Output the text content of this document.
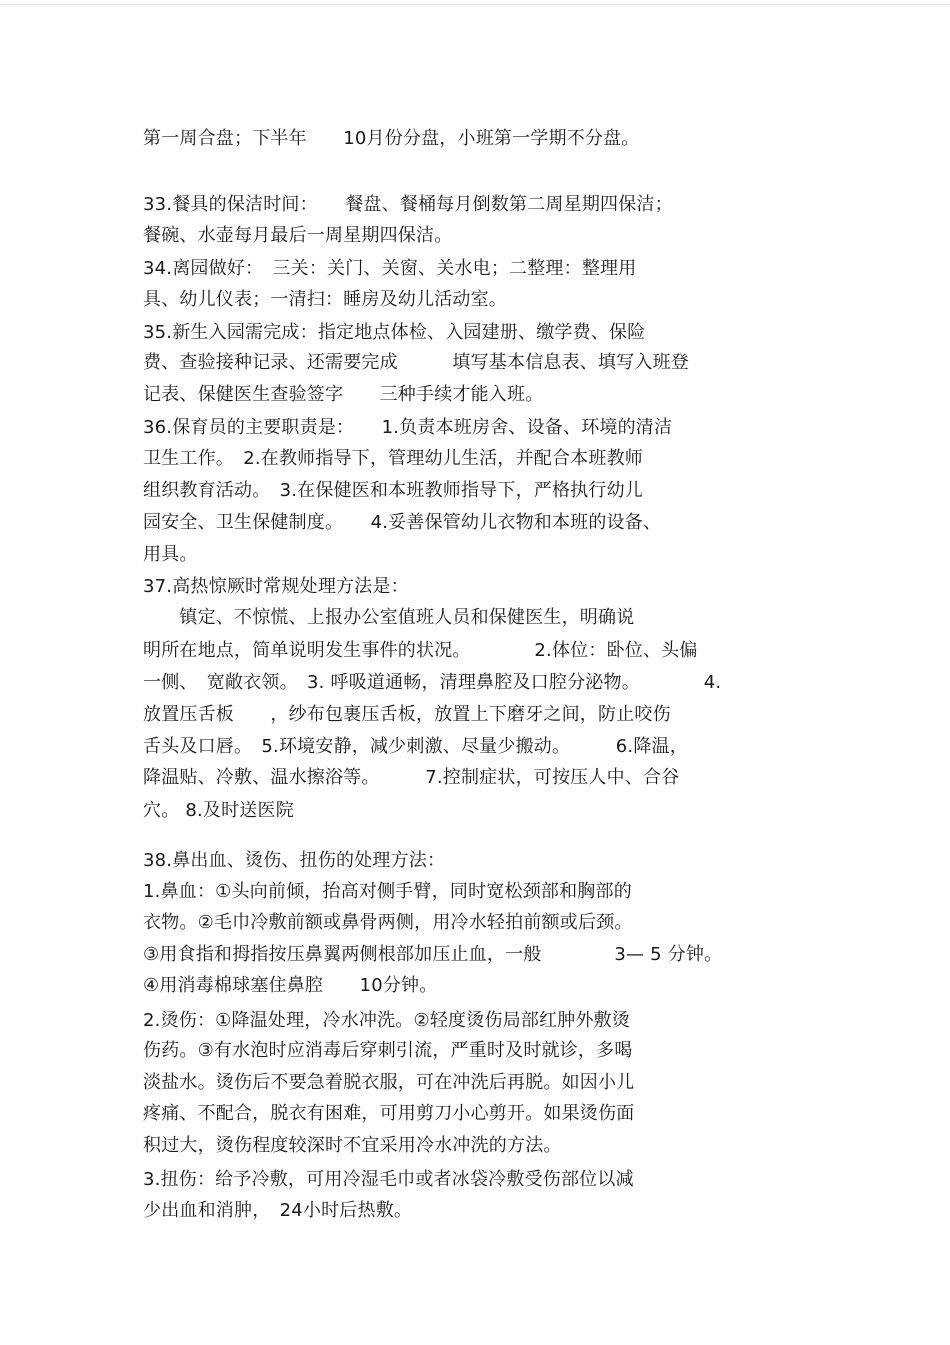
第一周合盘；下半年　　10月份分盘，小班第一学期不分盘。
33.餐具的保洁时间：　　餐盘、餐桶每月倒数第二周星期四保洁；
餐碗、水壶每月最后一周星期四保洁。
34.离园做好：　三关：关门、关窗、关水电；二整理：整理用
具、幼儿仪表；一清扫：睡房及幼儿活动室。
35.新生入园需完成：指定地点体检、入园建册、缴学费、保险
费、查验接种记录、还需要完成　　　填写基本信息表、填写入班登
记表、保健医生查验签字　　三种手续才能入班。
36.保育员的主要职责是：　　1.负责本班房舍、设备、环境的清洁
卫生工作。　2.在教师指导下，管理幼儿生活，并配合本班教师
组织教育活动。　3.在保健医和本班教师指导下，严格执行幼儿
园安全、卫生保健制度。　　4.妥善保管幼儿衣物和本班的设备、
用具。
37.高热惊厥时常规处理方法是：
　　镇定、不惊慌、上报办公室值班人员和保健医生，明确说
明所在地点，简单说明发生事件的状况。　　　　2.体位：卧位、头偏
一侧、　宽敞衣领。　3. 呼吸道通畅，清理鼻腔及口腔分泌物。　　　　4.
放置压舌板　　，纱布包裹压舌板，放置上下磨牙之间，防止咬伤
舌头及口唇。　5.环境安静，减少刺激、尽量少搬动。　　　6.降温，
降温贴、冷敷、温水擦浴等。　　　7.控制症状，可按压人中、合谷
穴。 8.及时送医院
38.鼻出血、烫伤、扭伤的处理方法：
1.鼻血：①头向前倾，抬高对侧手臂，同时宽松颈部和胸部的
衣物。②毛巾冷敷前额或鼻骨两侧，用冷水轻拍前额或后颈。
③用食指和拇指按压鼻翼两侧根部加压止血，一般　　　　3— 5 分钟。
④用消毒棉球塞住鼻腔　　10分钟。
2.烫伤：①降温处理，冷水冲洗。②轻度烫伤局部红肿外敷烫
伤药。③有水泡时应消毒后穿刺引流，严重时及时就诊，多喝
淡盐水。烫伤后不要急着脱衣服，可在冲洗后再脱。如因小儿
疼痛、不配合，脱衣有困难，可用剪刀小心剪开。如果烫伤面
积过大，烫伤程度较深时不宜采用冷水冲洗的方法。
3.扭伤：给予冷敷，可用冷湿毛巾或者冰袋冷敷受伤部位以减
少出血和消肿，　24小时后热敷。
